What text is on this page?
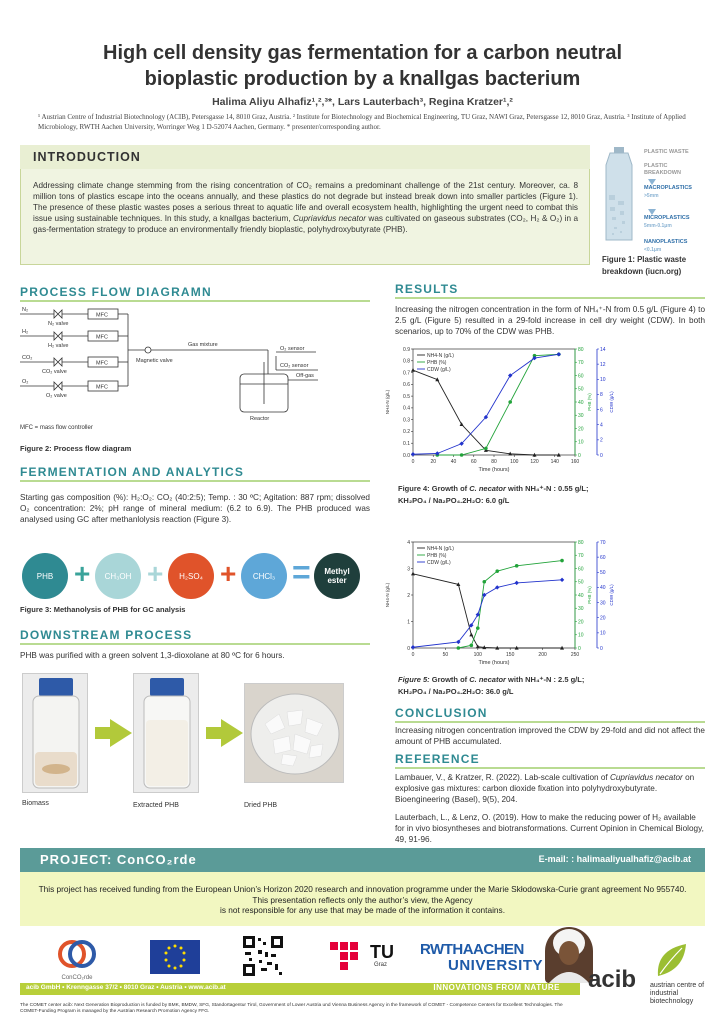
High cell density gas fermentation for a carbon neutral
bioplastic production by a knallgas bacterium
Halima Aliyu Alhafiz¹,²,³*, Lars Lauterbach³, Regina Kratzer¹,²
¹ Austrian Centre of Industrial Biotechnology (ACIB), Petersgasse 14, 8010 Graz, Austria. ² Institute for Biotechnology and Biochemical Engineering, TU Graz, NAWI Graz, Petersgasse 12, 8010 Graz, Austria. ³ Institute of Applied Microbiology, RWTH Aachen University, Worringer Weg 1 D-52074 Aachen, Germany. * presenter/corresponding author.
INTRODUCTION
Addressing climate change stemming from the rising concentration of CO₂ remains a predominant challenge of the 21st century. Moreover, ca. 8 million tons of plastics escape into the oceans annually, and these plastics do not degrade but instead break down into smaller particles (Figure 1). The presence of these plastic wastes poses a serious threat to aquatic life and overall ecosystem health, highlighting the urgent need to combat this issue using sustainable techniques. In this study, a knallgas bacterium, Cupriavidus necator was cultivated on gaseous substrates (CO₂, H₂ & O₂) in a gas-fermentation strategy to produce an environmentally friendly bioplastic, polyhydroxybutyrate (PHB).
PLASTIC WASTE
PLASTIC BREAKDOWN
MACROPLASTICS
>5mm
MICROPLASTICS
5mm-0.1μm
NANOPLASTICS
<0.1μm
Figure 1: Plastic waste breakdown (iucn.org)
PROCESS FLOW DIAGRAMN
N₂
H₂
CO₂
O₂
N₂ valve
H₂ valve
CO₂ valve
O₂ valve
MFC
MFC
MFC
MFC
Magnetic valve
Gas mixture
O₂ sensor
CO₂ sensor
Off-gas
Reactor
MFC = mass flow controller
Figure 2: Process flow diagram
FERMENTATION AND ANALYTICS
Starting gas composition (%): H₂:O₂: CO₂ (40:2:5); Temp. : 30 ºC; Agitation: 887 rpm; dissolved O₂ concentration: 2%; pH range of mineral medium: (6.2 to 6.9). The PHB produced was analysed using GC after methanlolysis reaction (Figure 3).
PHB +	CH₃OH +	H₂SO₄ +	CHCl₃ =	Methyl ester
Figure 3: Methanolysis of PHB for GC analysis
DOWNSTREAM PROCESS
PHB was purified with a green solvent 1,3-dioxolane at 80 ºC for 6 hours.
Biomass	Extracted PHB	Dried PHB
RESULTS
Increasing the nitrogen concentration in the form of NH₄⁺-N from 0.5 g/L (Figure 4) to 2.5 g/L (Figure 5) resulted in a 29-fold increase in cell dry weight (CDW). In both scenarios, up to 70% of the CDW was PHB.
0	20	40	60	80	100 120 140 160
Time (hours)
0.0
0.1
0.2
0.3
0.4
0.5
0.6
0.7
0.8
0.9
NH4-N (g/L)
0
10
20
30
40
50
60
70
80
PHB (%)
0
2
4
6
8
10
12
14
CDW (g/L)
NH4-N (g/L)
PHB (%)
CDW (g/L)
Figure 4: Growth of C. necator with NH₄⁺-N : 0.55 g/L;
KH₂PO₄ / Na₂PO₄.2H₂O: 6.0 g/L
0	50	100	150	200	250
Time (hours)
0
1
2
3
4
NH4-N (g/L)
0
10
20
30
40
50
60
70
80
PHB (%)
0
10
20
30
40
50
60
70
CDW (g/L)
NH4-N (g/L)
PHB (%)
CDW (g/L)
Figure 5: Growth of C. necator with NH₄⁺-N : 2.5 g/L;
KH₂PO₄ / Na₂PO₄.2H₂O: 36.0 g/L
CONCLUSION
Increasing nitrogen concentration improved the CDW by 29-fold and did not affect the amount of PHB accumulated.
REFERENCE
Lambauer, V., & Kratzer, R. (2022). Lab-scale cultivation of Cupriavidus necator on explosive gas mixtures: carbon dioxide fixation into polyhydroxybutyrate. Bioengineering (Basel), 9(5), 204.
Lauterbach, L., & Lenz, O. (2019). How to make the reducing power of H₂ available for in vivo biosyntheses and biotransformations. Current Opinion in Chemical Biology, 49, 91-96.
PROJECT: ConCO₂rde	E-mail: : halimaaliyualhafiz@acib.at
This project has received funding from the European Union’s Horizon 2020 research and innovation programme under the Marie Skłodowska-Curie grant agreement No 955740.
This presentation reflects only the author’s view, the Agency
is not responsible for any use that may be made of the information it contains.
ConCO₂rde
TU
Graz
RWTHAACHEN
UNIVERSITY
acib GmbH • Krenngasse 37/2 • 8010 Graz • Austria • www.acib.at	INNOVATIONS FROM NATURE acib austrian centre of industrial biotechnology
The COMET center acib: Next Generation Bioproduction is funded by BMK, BMDW, SFG, Standortagentur Tirol, Government of Lower Austria und Vienna Business Agency in the framework of COMET - Competence Centers for Excellent Technologies. The COMET-Funding Program is managed by the Austrian Research Promotion Agency FFG.
